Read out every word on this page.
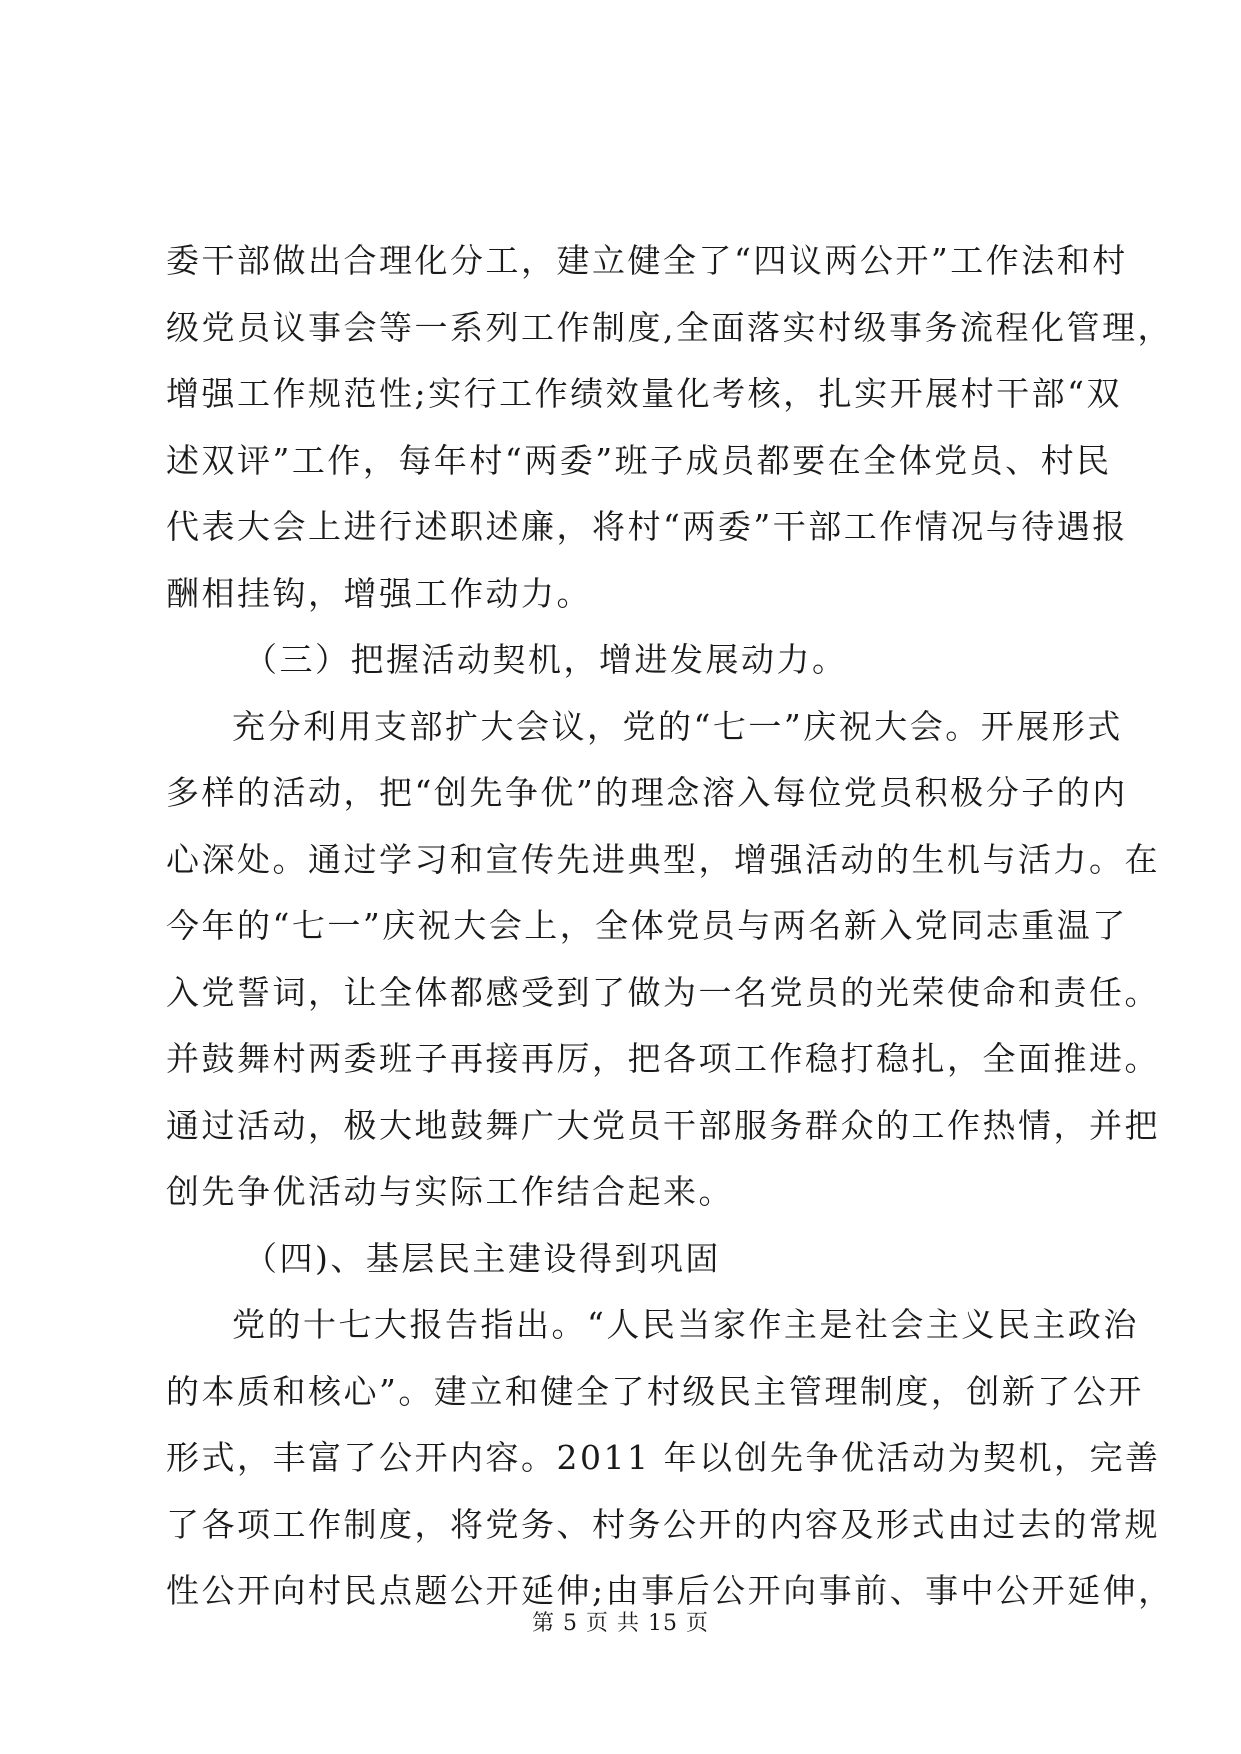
委干部做出合理化分工，建立健全了“四议两公开”工作法和村
级党员议事会等一系列工作制度,全面落实村级事务流程化管理，
增强工作规范性;实行工作绩效量化考核，扎实开展村干部“双
述双评”工作，每年村“两委”班子成员都要在全体党员、村民
代表大会上进行述职述廉，将村“两委”干部工作情况与待遇报
酬相挂钩，增强工作动力。
（三）把握活动契机，增进发展动力。
充分利用支部扩大会议，党的“七一”庆祝大会。开展形式
多样的活动，把“创先争优”的理念溶入每位党员积极分子的内
心深处。通过学习和宣传先进典型，增强活动的生机与活力。在
今年的“七一”庆祝大会上，全体党员与两名新入党同志重温了
入党誓词，让全体都感受到了做为一名党员的光荣使命和责任。
并鼓舞村两委班子再接再厉，把各项工作稳打稳扎，全面推进。
通过活动，极大地鼓舞广大党员干部服务群众的工作热情，并把
创先争优活动与实际工作结合起来。
（四)、基层民主建设得到巩固
党的十七大报告指出。“人民当家作主是社会主义民主政治
的本质和核心”。建立和健全了村级民主管理制度，创新了公开
形式，丰富了公开内容。2011 年以创先争优活动为契机，完善
了各项工作制度，将党务、村务公开的内容及形式由过去的常规
性公开向村民点题公开延伸;由事后公开向事前、事中公开延伸，
第 5 页 共 15 页
